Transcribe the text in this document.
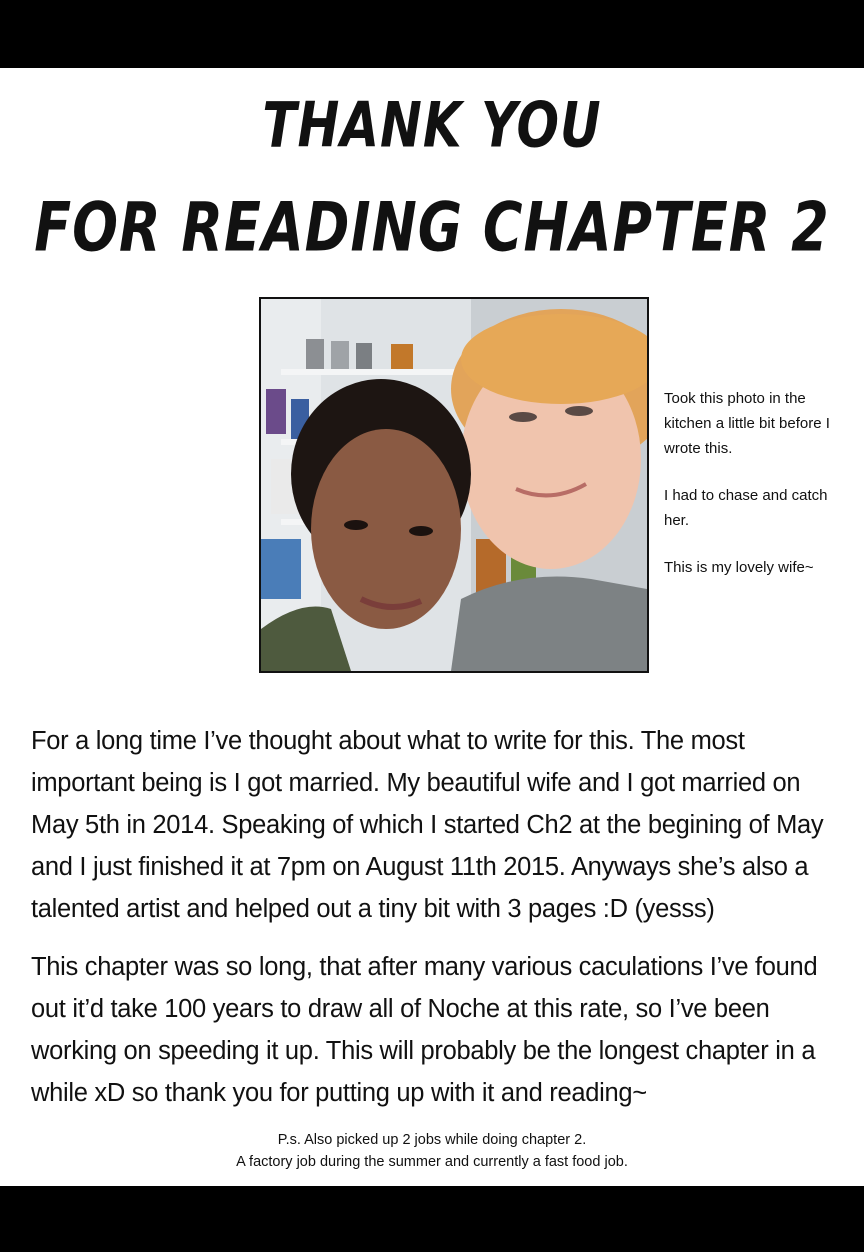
THANK YOU
FOR READING CHAPTER 2

Took this photo in the kitchen a little bit before I wrote this.

I had to chase and catch her.

This is my lovely wife~

For a long time I’ve thought about what to write for this. The most important being is I got married. My beautiful wife and I got married on May 5th in 2014. Speaking of which I started Ch2 at the begining of May and I just finished it at 7pm on August 11th 2015. Anyways she’s also a talented artist and helped out a tiny bit with 3 pages :D (yesss)

This chapter was so long, that after many various caculations I’ve found out it’d take 100 years to draw all of Noche at this rate, so I’ve been working on speeding it up. This will probably be the longest chapter in a while xD so thank you for putting up with it and reading~

P.s. Also picked up 2 jobs while doing chapter 2.
A factory job during the summer and currently a fast food job.
